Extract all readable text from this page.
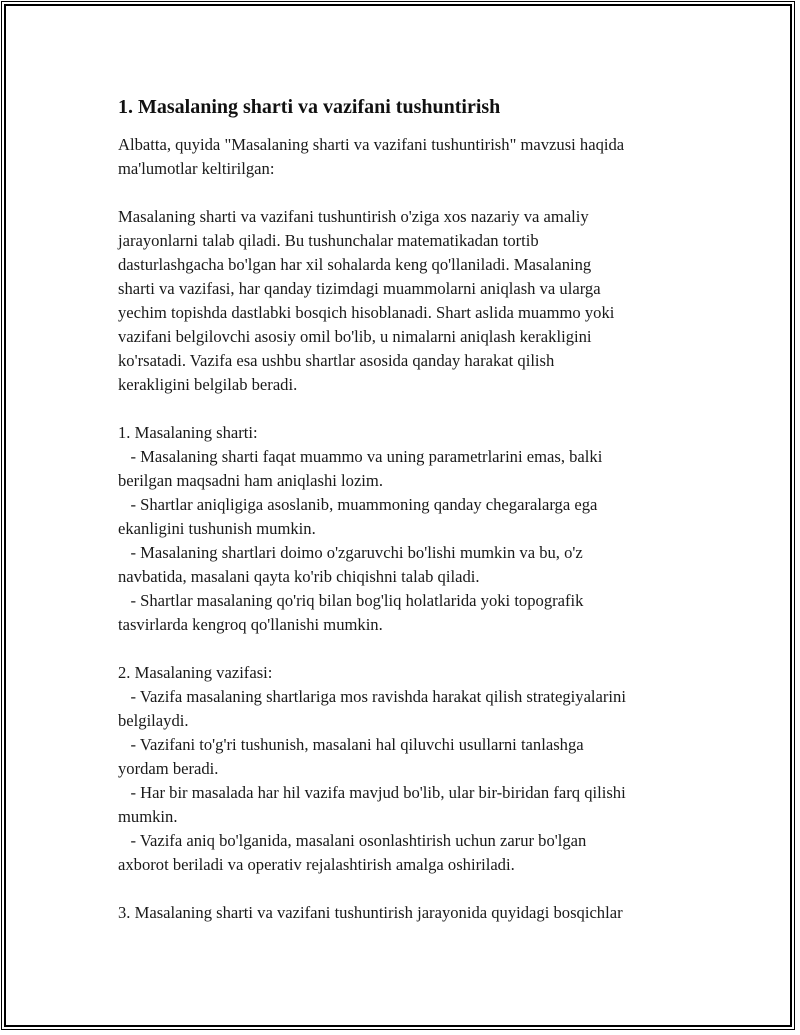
1. Masalaning sharti va vazifani tushuntirish

Albatta, quyida "Masalaning sharti va vazifani tushuntirish" mavzusi haqida
ma'lumotlar keltirilgan:

Masalaning sharti va vazifani tushuntirish o'ziga xos nazariy va amaliy
jarayonlarni talab qiladi. Bu tushunchalar matematikadan tortib
dasturlashgacha bo'lgan har xil sohalarda keng qo'llaniladi. Masalaning
sharti va vazifasi, har qanday tizimdagi muammolarni aniqlash va ularga
yechim topishda dastlabki bosqich hisoblanadi. Shart aslida muammo yoki
vazifani belgilovchi asosiy omil bo'lib, u nimalarni aniqlash kerakligini
ko'rsatadi. Vazifa esa ushbu shartlar asosida qanday harakat qilish
kerakligini belgilab beradi.

1. Masalaning sharti:

- Masalaning sharti faqat muammo va uning parametrlarini emas, balki
berilgan maqsadni ham aniqlashi lozim.

- Shartlar aniqligiga asoslanib, muammoning qanday chegaralarga ega
ekanligini tushunish mumkin.

- Masalaning shartlari doimo o'zgaruvchi bo'lishi mumkin va bu, o'z
navbatida, masalani qayta ko'rib chiqishni talab qiladi.

- Shartlar masalaning qo'riq bilan bog'liq holatlarida yoki topografik
tasvirlarda kengroq qo'llanishi mumkin.

2. Masalaning vazifasi:

- Vazifa masalaning shartlariga mos ravishda harakat qilish strategiyalarini
belgilaydi.

- Vazifani to'g'ri tushunish, masalani hal qiluvchi usullarni tanlashga
yordam beradi.

- Har bir masalada har hil vazifa mavjud bo'lib, ular bir-biridan farq qilishi
mumkin.

- Vazifa aniq bo'lganida, masalani osonlashtirish uchun zarur bo'lgan
axborot beriladi va operativ rejalashtirish amalga oshiriladi.

3. Masalaning sharti va vazifani tushuntirish jarayonida quyidagi bosqichlar
